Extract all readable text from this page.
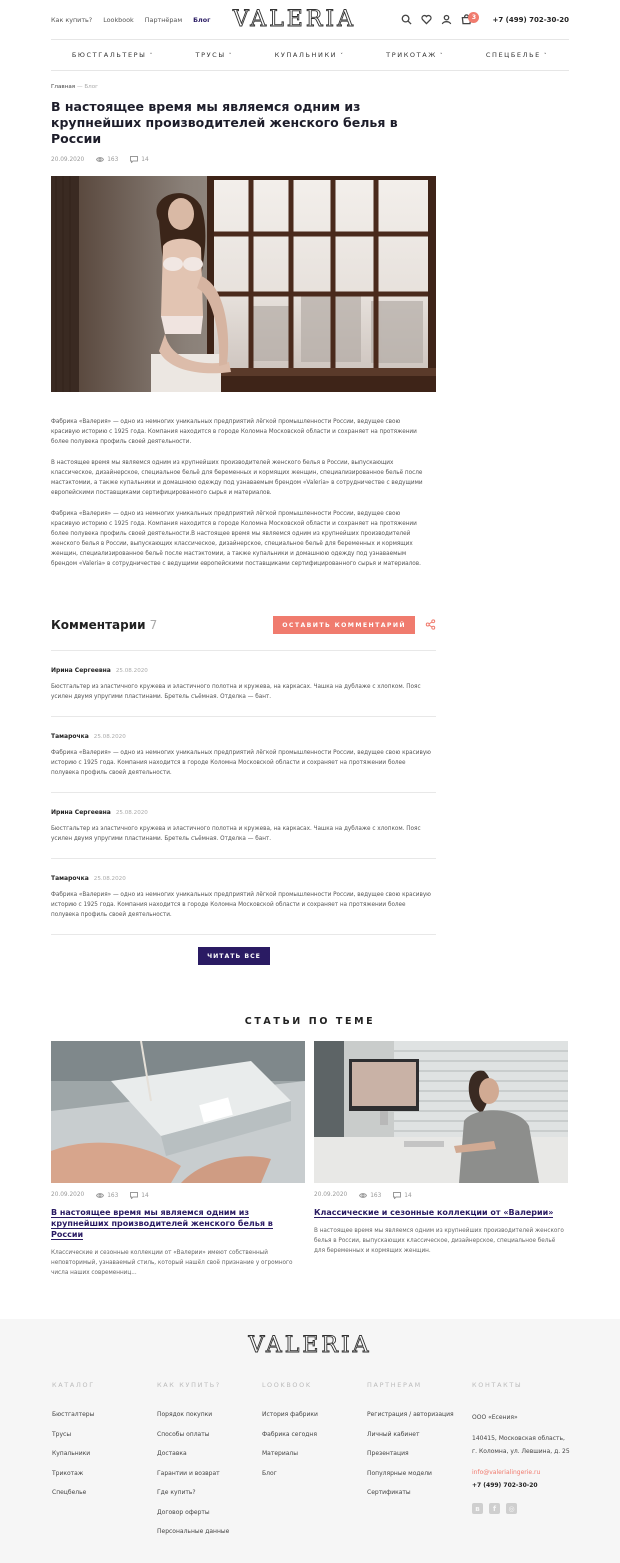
Как купить? Lookbook Партнёрам Блог VALERIA	3	+7 (499) 702-30-20
БЮСТГАЛЬТЕРЫ ˅	ТРУСЫ ˅	КУПАЛЬНИКИ ˅	ТРИКОТАЖ ˅	СПЕЦБЕЛЬЕ ˅
Главная — Блог
В настоящее время мы являемся одним из крупнейших производителей женского белья в России
20.09.2020	163	14

Фабрика «Валерия» — одно из немногих уникальных предприятий лёгкой промышленности России, ведущее свою красивую историю с 1925 года. Компания находится в городе Коломна Московской области и сохраняет на протяжении более полувека профиль своей деятельности.

В настоящее время мы являемся одним из крупнейших производителей женского белья в России, выпускающих классическое, дизайнерское, специальное бельё для беременных и кормящих женщин, специализированное бельё после мастэктомии, а также купальники и домашнюю одежду под узнаваемым брендом «Valeria» в сотрудничестве с ведущими европейскими поставщиками сертифицированного сырья и материалов.

Фабрика «Валерия» — одно из немногих уникальных предприятий лёгкой промышленности России, ведущее свою красивую историю с 1925 года. Компания находится в городе Коломна Московской области и сохраняет на протяжении более полувека профиль своей деятельности.В настоящее время мы являемся одним из крупнейших производителей женского белья в России, выпускающих классическое, дизайнерское, специальное бельё для беременных и кормящих женщин, специализированное бельё после мастэктомии, а также купальники и домашнюю одежду под узнаваемым брендом «Valeria» в сотрудничестве с ведущими европейскими поставщиками сертифицированного сырья и материалов.

Комментарии 7	ОСТАВИТЬ КОММЕНТАРИЙ
Ирина Сергеевна 25.08.2020

Бюстгальтер из эластичного кружева и эластичного полотна и кружева, на каркасах. Чашка на дублаже с хлопком. Пояс усилен двумя упругими пластинами. Бретель съёмная. Отделка — бант.

Тамарочка 25.08.2020

Фабрика «Валерия» — одно из немногих уникальных предприятий лёгкой промышленности России, ведущее свою красивую историю с 1925 года. Компания находится в городе Коломна Московской области и сохраняет на протяжении более полувека профиль своей деятельности.

Ирина Сергеевна 25.08.2020

Бюстгальтер из эластичного кружева и эластичного полотна и кружева, на каркасах. Чашка на дублаже с хлопком. Пояс усилен двумя упругими пластинами. Бретель съёмная. Отделка — бант.

Тамарочка 25.08.2020

Фабрика «Валерия» — одно из немногих уникальных предприятий лёгкой промышленности России, ведущее свою красивую историю с 1925 года. Компания находится в городе Коломна Московской области и сохраняет на протяжении более полувека профиль своей деятельности.

ЧИТАТЬ ВСЕ
СТАТЬИ ПО ТЕМЕ
20.09.2020	163	14
В настоящее время мы являемся одним из крупнейших производителей женского белья в России

Классические и сезонные коллекции от «Валерии» имеют собственный неповторимый, узнаваемый стиль, который нашёл своё признание у огромного числа наших современниц...

20.09.2020	163	14
Классические и сезонные коллекции от «Валерии»

В настоящее время мы являемся одним из крупнейших производителей женского белья в России, выпускающих классическое, дизайнерское, специальное бельё для беременных и кормящих женщин.

VALERIA
КАТАЛОГ
Бюстгалтеры
Трусы
Купальники
Трикотаж
Спецбелье
КАК КУПИТЬ?
Порядок покупки
Способы оплаты
Доставка
Гарантии и возврат
Где купить?
Договор оферты
Персональные данные
LOOKBOOK
История фабрики
Фабрика сегодня
Материалы
Блог
ПАРТНЕРАМ
Регистрация / авторизация
Личный кабинет
Презентация
Популярные модели
Сертификаты
КОНТАКТЫ
ООО «Есения»
140415, Московская область,
г. Коломна, ул. Левшина, д. 25
info@valerialingerie.ru
+7 (499) 702-30-20
в	f	◎
